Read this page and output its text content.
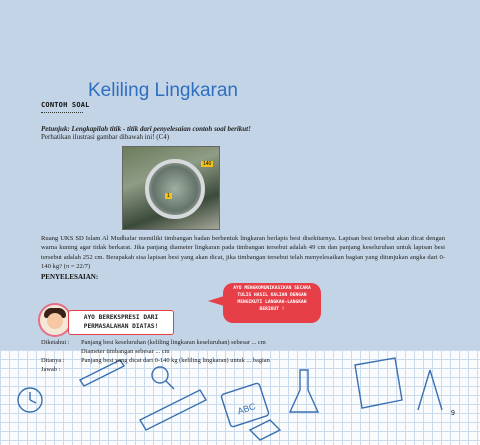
Keliling Lingkaran
CONTOH SOAL
Petunjuk: Lengkapilah titik - titik dari penyelesaian contoh soal berikut!
Perhatikan ilustrasi gambar dibawah ini! (C4)
140
1
Ruang UKS SD Islam Al Mudhafar memiliki timbangan badan berbentuk lingkaran berlapis besi disekitarnya. Lapisan besi tersebut akan dicat dengan warna kuning agar tidak berkarat. Jika panjang diameter lingkaran pada timbangan tersebut adalah 49 cm dan panjang keseluruhan untuk lapisan besi tersebut adalah 252 cm. Berapakah sisa lapisan besi yang akan dicat, jika timbangan tersebut telah menyelesaikan bagian yang ditunjukan angka dari 0-140 kg? (π = 22/7)
PENYELESAIAN:
AYO MENGKOMUNIKASIKAN SECARA
TULIS HASIL KALIAN DENGAN
MENGIKUTI LANGKAH-LANGKAH
BERIKUT !
AYO BEREKSPRESI DARI
PERMASALAHAN DIATAS!
ABC
Diketahui :	Panjang besi keseluruhan (keliling lingkaran keseluruhan) sebesar ... cm
Diameter timbangan sebesar ... cm
Ditanya :	Panjang besi yang dicat dari 0-140 kg (keliling lingkaran) untuk ... bagian
Jawab :
9
